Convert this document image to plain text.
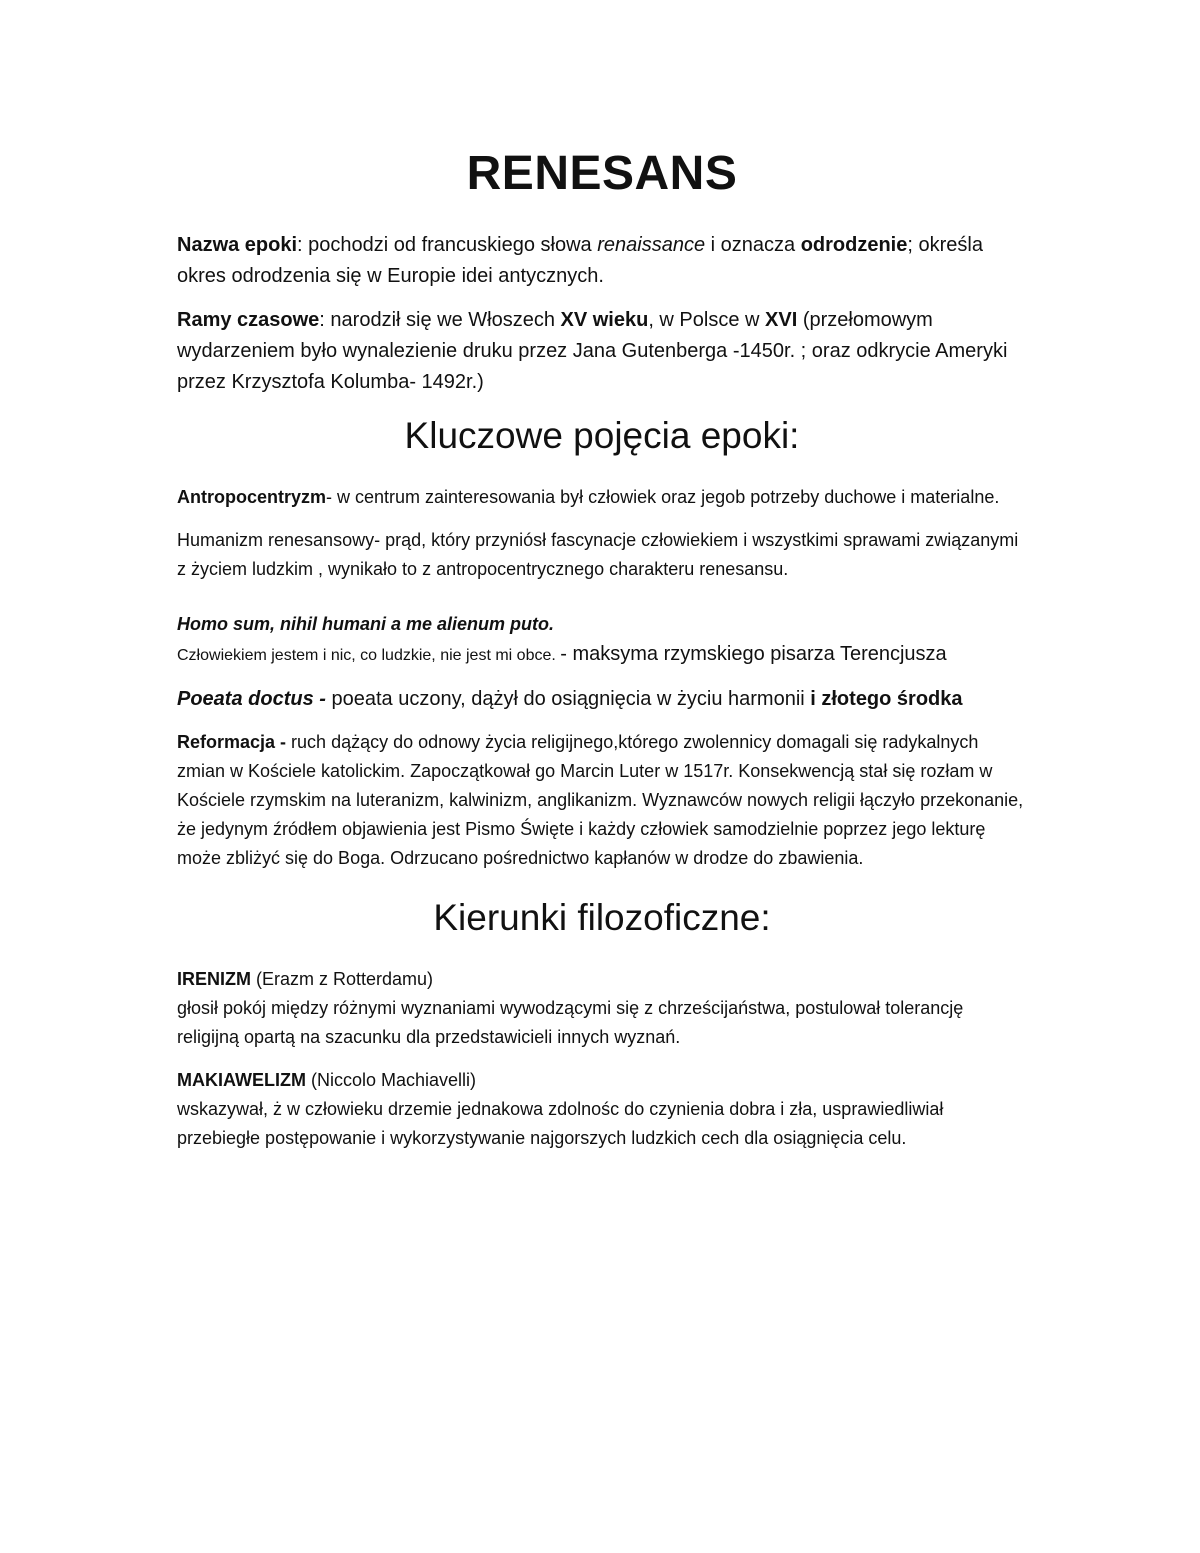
RENESANS

Nazwa epoki: pochodzi od francuskiego słowa renaissance i oznacza odrodzenie; określa okres odrodzenia się w Europie idei antycznych.

Ramy czasowe: narodził się we Włoszech XV wieku, w Polsce w XVI (przełomowym wydarzeniem było wynalezienie druku przez Jana Gutenberga -1450r. ; oraz odkrycie Ameryki przez Krzysztofa Kolumba- 1492r.)

Kluczowe pojęcia epoki:

Antropocentryzm- w centrum zainteresowania był człowiek oraz jegob potrzeby duchowe i materialne.

Humanizm renesansowy- prąd, który przyniósł fascynacje człowiekiem i wszystkimi sprawami związanymi z życiem ludzkim , wynikało to z antropocentrycznego charakteru renesansu.

Homo sum, nihil humani a me alienum puto.

Człowiekiem jestem i nic, co ludzkie, nie jest mi obce. - maksyma rzymskiego pisarza Terencjusza

Poeata doctus - poeata uczony, dążył do osiągnięcia w życiu harmonii i złotego środka

Reformacja - ruch dążący do odnowy życia religijnego,którego zwolennicy domagali się radykalnych zmian w Kościele katolickim. Zapoczątkował go Marcin Luter w 1517r. Konsekwencją stał się rozłam w Kościele rzymskim na luteranizm, kalwinizm, anglikanizm. Wyznawców nowych religii łączyło przekonanie, że jedynym źródłem objawienia jest Pismo Święte i każdy człowiek samodzielnie poprzez jego lekturę może zbliżyć się do Boga. Odrzucano pośrednictwo kapłanów w drodze do zbawienia.

Kierunki filozoficzne:

IRENIZM (Erazm z Rotterdamu)
głosił pokój między różnymi wyznaniami wywodzącymi się z chrześcijaństwa, postulował tolerancję religijną opartą na szacunku dla przedstawicieli innych wyznań.

MAKIAWELIZM (Niccolo Machiavelli)
wskazywał, ż w człowieku drzemie jednakowa zdolnośc do czynienia dobra i zła, usprawiedliwiał przebiegłe postępowanie i wykorzystywanie najgorszych ludzkich cech dla osiągnięcia celu.
